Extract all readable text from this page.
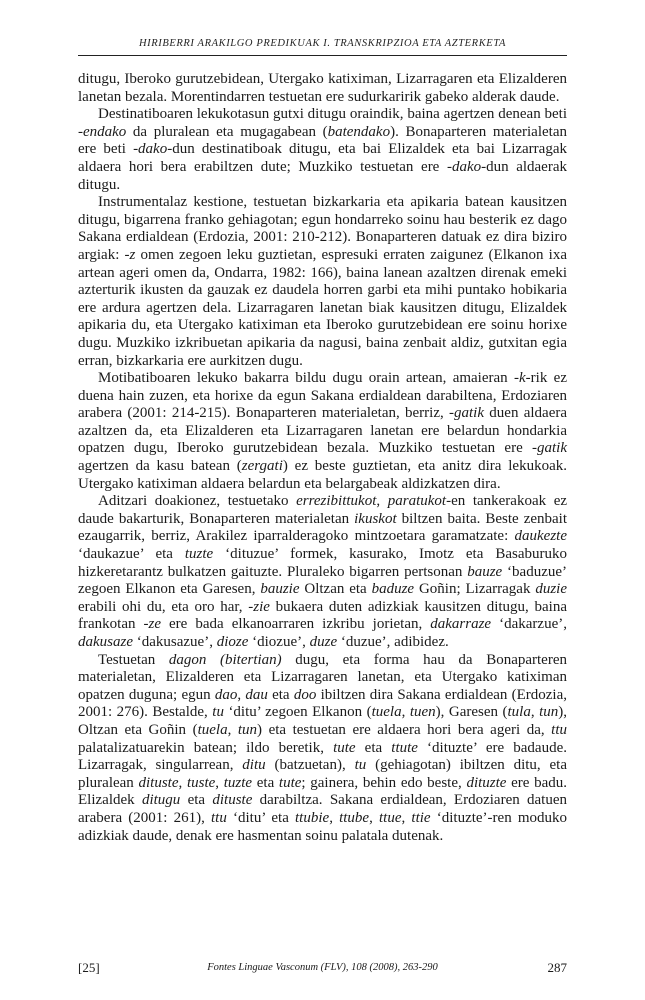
HIRIBERRI ARAKILGO PREDIKUAK I. TRANSKRIPZIOA ETA AZTERKETA

ditugu, Iberoko gurutzebidean, Utergako katiximan, Lizarragaren eta Elizalderen lanetan bezala. Morentindarren testuetan ere sudurkaririk gabeko alderak daude.

Destinatiboaren lekukotasun gutxi ditugu oraindik, baina agertzen denean beti -endako da pluralean eta mugagabean (batendako). Bonaparteren materialetan ere beti -dako-dun destinatiboak ditugu, eta bai Elizaldek eta bai Lizarragak aldaera hori bera erabiltzen dute; Muzkiko testuetan ere -dako-dun aldaerak ditugu.

Instrumentalaz kestione, testuetan bizkarkaria eta apikaria batean kausitzen ditugu, bigarrena franko gehiagotan; egun hondarreko soinu hau besterik ez dago Sakana erdialdean (Erdozia, 2001: 210-212). Bonaparteren datuak ez dira biziro argiak: -z omen zegoen leku guztietan, espresuki erraten zaigunez (Elkanon ixa artean ageri omen da, Ondarra, 1982: 166), baina lanean azaltzen direnak emeki azterturik ikusten da gauzak ez daudela horren garbi eta mihi puntako hobikaria ere ardura agertzen dela. Lizarragaren lanetan biak kausitzen ditugu, Elizaldek apikaria du, eta Utergako katiximan eta Iberoko gurutzebidean ere soinu horixe dugu. Muzkiko izkribuetan apikaria da nagusi, baina zenbait aldiz, gutxitan egia erran, bizkarkaria ere aurkitzen dugu.

Motibatiboaren lekuko bakarra bildu dugu orain artean, amaieran -k-rik ez duena hain zuzen, eta horixe da egun Sakana erdialdean darabiltena, Erdoziaren arabera (2001: 214-215). Bonaparteren materialetan, berriz, -gatik duen aldaera azaltzen da, eta Elizalderen eta Lizarragaren lanetan ere belardun hondarkia opatzen dugu, Iberoko gurutzebidean bezala. Muzkiko testuetan ere -gatik agertzen da kasu batean (zergati) ez beste guztietan, eta anitz dira lekukoak. Utergako katiximan aldaera belardun eta belargabeak aldizkatzen dira.

Aditzari doakionez, testuetako errezibittukot, paratukot-en tankerakoak ez daude bakarturik, Bonaparteren materialetan ikuskot biltzen baita. Beste zenbait ezaugarrik, berriz, Arakilez iparralderagoko mintzoetara garamatzate: daukezte ‘daukazue’ eta tuzte ‘dituzue’ formek, kasurako, Imotz eta Basaburuko hizkeretarantz bulkatzen gaituzte. Pluraleko bigarren pertsonan bauze ‘baduzue’ zegoen Elkanon eta Garesen, bauzie Oltzan eta baduze Goñin; Lizarragak duzie erabili ohi du, eta oro har, -zie bukaera duten adizkiak kausitzen ditugu, baina frankotan -ze ere bada elkanoarraren izkribu jorietan, dakarraze ‘dakarzue’, dakusaze ‘dakusazue’, dioze ‘diozue’, duze ‘duzue’, adibidez.

Testuetan dagon (bitertian) dugu, eta forma hau da Bonaparteren materialetan, Elizalderen eta Lizarragaren lanetan, eta Utergako katiximan opatzen duguna; egun dao, dau eta doo ibiltzen dira Sakana erdialdean (Erdozia, 2001: 276). Bestalde, tu ‘ditu’ zegoen Elkanon (tuela, tuen), Garesen (tula, tun), Oltzan eta Goñin (tuela, tun) eta testuetan ere aldaera hori bera ageri da, ttu palatalizatuarekin batean; ildo beretik, tute eta ttute ‘dituzte’ ere badaude. Lizarragak, singularrean, ditu (batzuetan), tu (gehiagotan) ibiltzen ditu, eta pluralean dituste, tuste, tuzte eta tute; gainera, behin edo beste, dituzte ere badu. Elizaldek ditugu eta dituste darabiltza. Sakana erdialdean, Erdoziaren datuen arabera (2001: 261), ttu ‘ditu’ eta ttubie, ttube, ttue, ttie ‘dituzte’-ren moduko adizkiak daude, denak ere hasmentan soinu palatala dutenak.

[25]	Fontes Linguae Vasconum (FLV), 108 (2008), 263-290	287
